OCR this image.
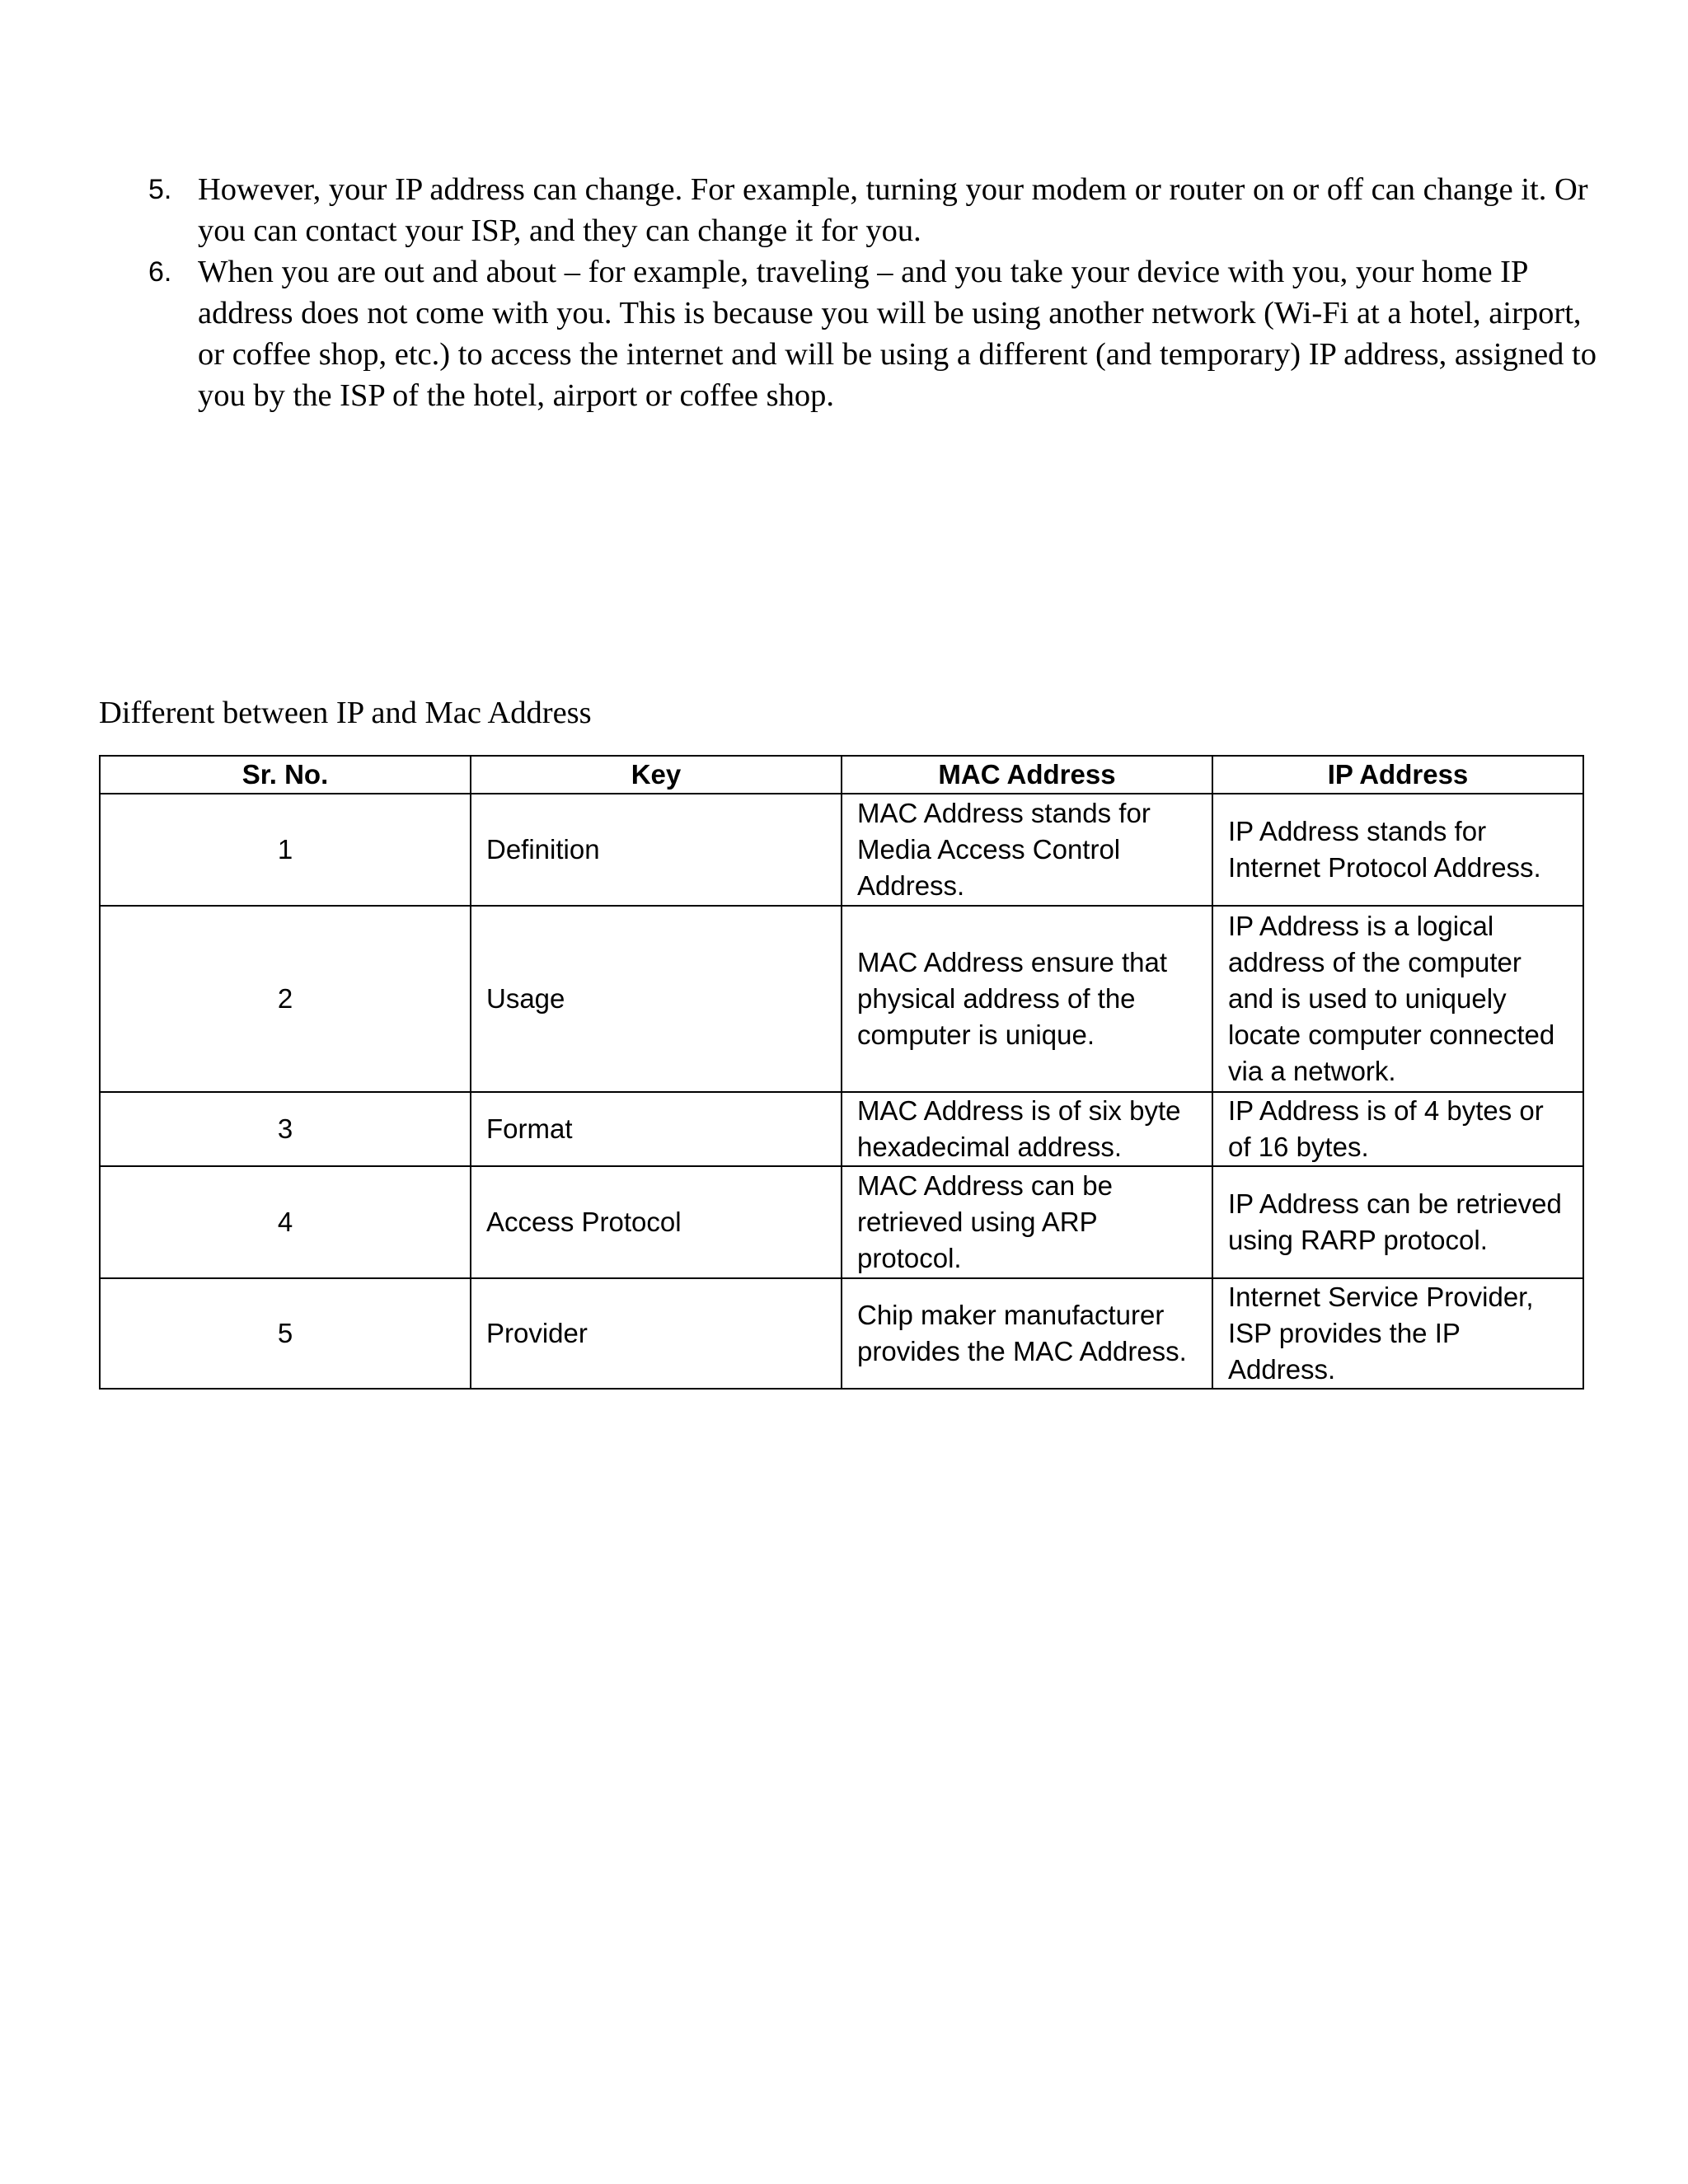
5. However, your IP address can change. For example, turning your modem or router on or off can change it. Or you can contact your ISP, and they can change it for you.
6. When you are out and about – for example, traveling – and you take your device with you, your home IP address does not come with you. This is because you will be using another network (Wi-Fi at a hotel, airport, or coffee shop, etc.) to access the internet and will be using a different (and temporary) IP address, assigned to you by the ISP of the hotel, airport or coffee shop.
Different between IP and Mac Address
Sr. No.	Key	MAC Address	IP Address
1	Definition	MAC Address stands for Media Access Control Address.	IP Address stands for Internet Protocol Address.
2	Usage	MAC Address ensure that physical address of the computer is unique.	IP Address is a logical address of the computer and is used to uniquely locate computer connected via a network.
3	Format	MAC Address is of six byte hexadecimal address.	IP Address is of 4 bytes or of 16 bytes.
4	Access Protocol	MAC Address can be retrieved using ARP protocol.	IP Address can be retrieved using RARP protocol.
5	Provider	Chip maker manufacturer provides the MAC Address.	Internet Service Provider, ISP provides the IP Address.
